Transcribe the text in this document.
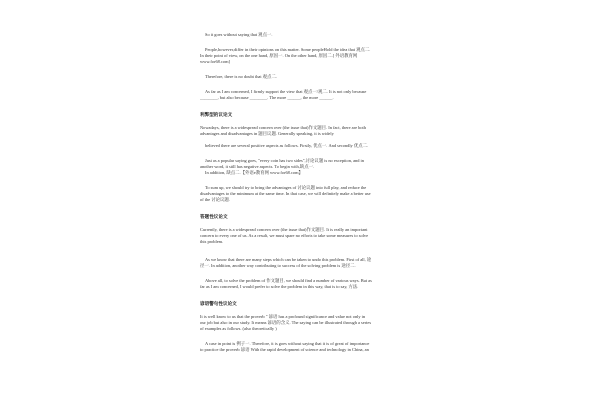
So it goes without saying that 观点一.

People,however,differ in their opinions on this matter. Some peopleHold the idea that 观点二.

In their point of view, on the one hand, 原因一. On the other hand, 原因二.[ 外语教育网

www.for68.com]

Therefore, there is no doubt that 观点二.

As far as I am concerned, I firmly support the view that 观点一/观二. It is not only because

________, but also because ________. The more ______, the more ______.

利弊型的议论文

Nowadays, there is a widespread concern over (the issue that)作文题目. In fact, there are both

advantages and disadvantages in 题目议题. Generally speaking, it is widely

believed there are several positive aspects as follows. Firstly, 优点一. And secondly 优点二.

Just as a popular saying goes, "every coin has two sides",讨论议题 is no exception, and in

another word, it still has negative aspects. To begin with,缺点一.

In addition, 缺点二.【外语e教育网 www.for68.com】

To sum up, we should try to bring the advantages of 讨论议题 into full play, and reduce the

disadvantages to the minimum at the same time. In that case, we will definitely make a better use

of the 讨论议题.

答题性议论文

Currently, there is a widespread concern over (the issue that)作文题目. It is really an important

concern to every one of us. As a result, we must spare no efforts to take some measures to solve

this problem.

As we know that there are many steps which can be taken to undo this problem. First of all, 途

径一. In addition, another way contributing to success of the solving problem is 途径二.

Above all, to solve the problem of 作文题目, we should find a number of various ways. But as

far as I am concerned, I would prefer to solve the problem in this way, that is to say, 方法.

谚语警句性议论文

It is well know to us that the proverb " 谚语 has a profound significance and value not only in

our job but also in our study. It means 谚语的含义. The saying can be illustrated through a series

of examples as follows. (also theoretically )

A case in point is 例子一. Therefore, it is goes without saying that it is of great of importance

to practice the proverb 谚语 With the rapid development of science and technology in China, an
